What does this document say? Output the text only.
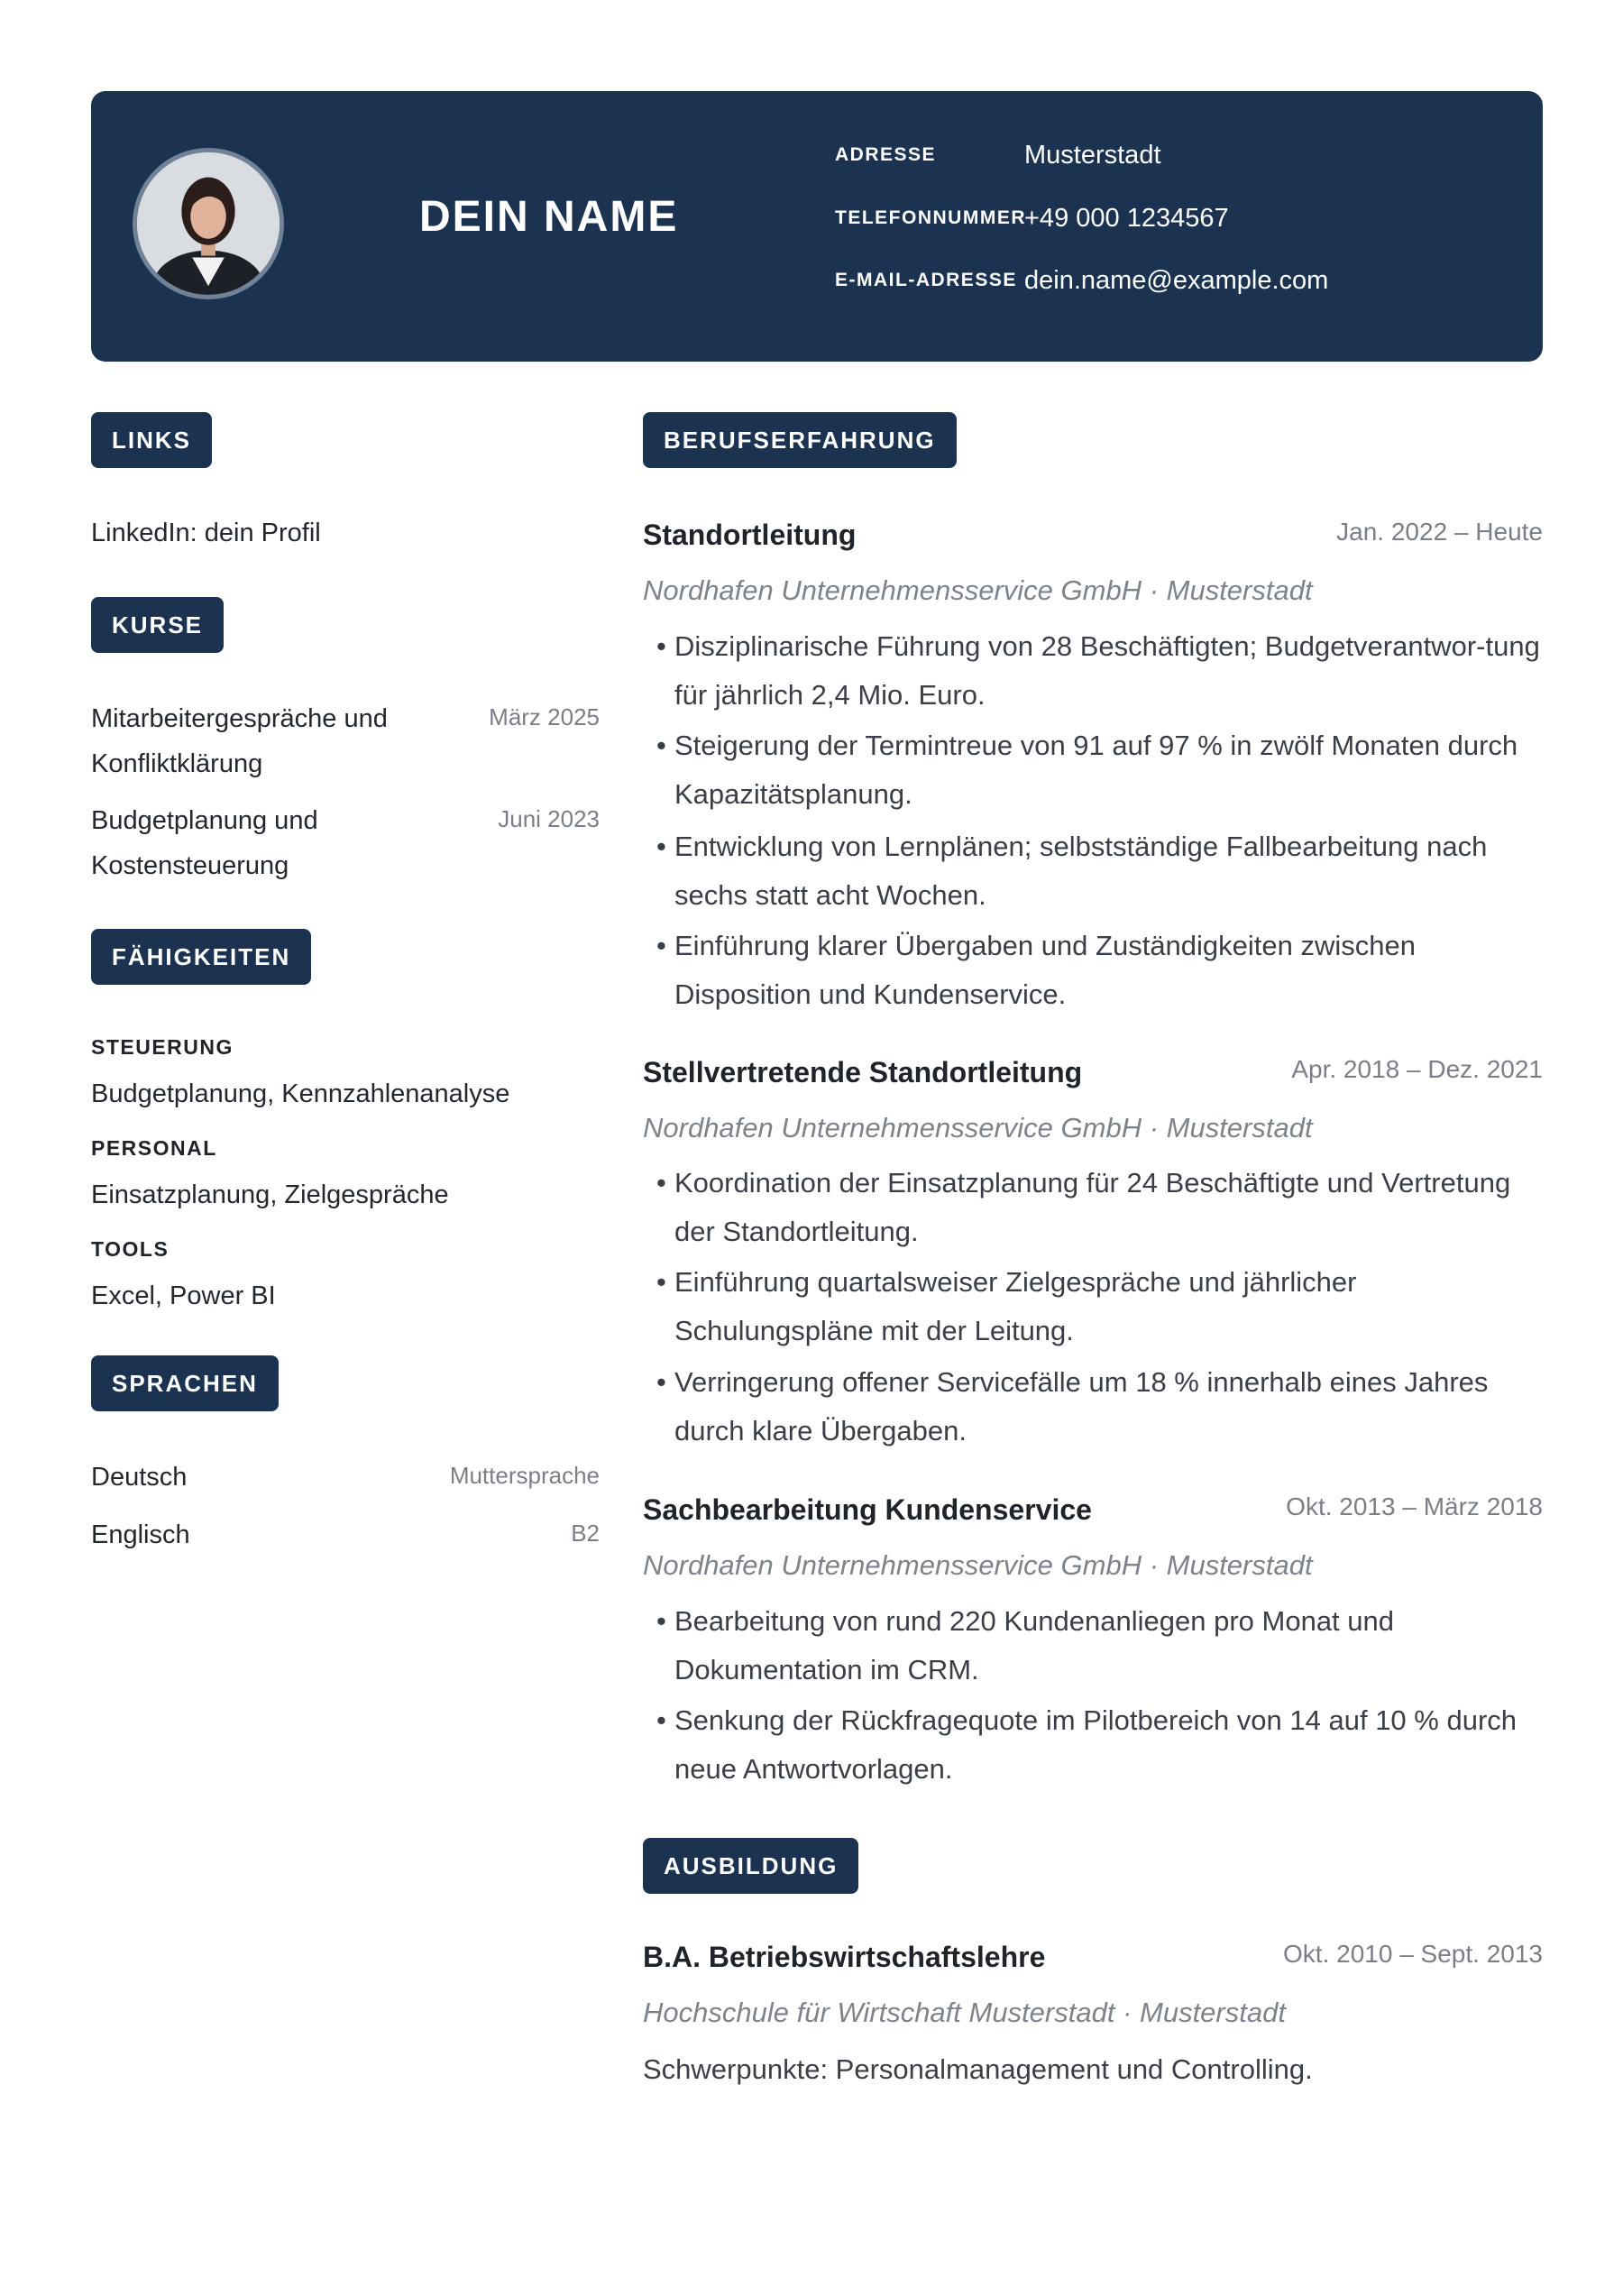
DEIN NAME
ADRESSE	Musterstadt
TELEFONNUMMER
+49 000 1234567
E-MAIL-ADRESSE dein.name@example.com
LINKS
LinkedIn: dein Profil
KURSE
Mitarbeitergespräche und
Konfliktklärung
März 2025
Budgetplanung und
Kostensteuerung
Juni 2023
FÄHIGKEITEN
STEUERUNG
Budgetplanung, Kennzahlenanalyse
PERSONAL
Einsatzplanung, Zielgespräche
TOOLS
Excel, Power BI
SPRACHEN
Deutsch	Muttersprache
Englisch	B2
BERUFSERFAHRUNG
Standortleitung	Jan. 2022 – Heute
Nordhafen Unternehmensservice GmbH · Musterstadt
• Disziplinarische Führung von 28 Beschäftigten; Budgetverantwor-tung für jährlich 2,4 Mio. Euro.
• Steigerung der Termintreue von 91 auf 97 % in zwölf Monaten durch Kapazitätsplanung.
• Entwicklung von Lernplänen; selbstständige Fallbearbeitung nach sechs statt acht Wochen.
• Einführung klarer Übergaben und Zuständigkeiten zwischen Disposition und Kundenservice.
Stellvertretende Standortleitung	Apr. 2018 – Dez. 2021
Nordhafen Unternehmensservice GmbH · Musterstadt
• Koordination der Einsatzplanung für 24 Beschäftigte und Vertretung der Standortleitung.
• Einführung quartalsweiser Zielgespräche und jährlicher Schulungspläne mit der Leitung.
• Verringerung offener Servicefälle um 18 % innerhalb eines Jahres durch klare Übergaben.
Sachbearbeitung Kundenservice	Okt. 2013 – März 2018
Nordhafen Unternehmensservice GmbH · Musterstadt
• Bearbeitung von rund 220 Kundenanliegen pro Monat und Dokumentation im CRM.
• Senkung der Rückfragequote im Pilotbereich von 14 auf 10 % durch neue Antwortvorlagen.
AUSBILDUNG
B.A. Betriebswirtschaftslehre	Okt. 2010 – Sept. 2013
Hochschule für Wirtschaft Musterstadt · Musterstadt
Schwerpunkte: Personalmanagement und Controlling.
